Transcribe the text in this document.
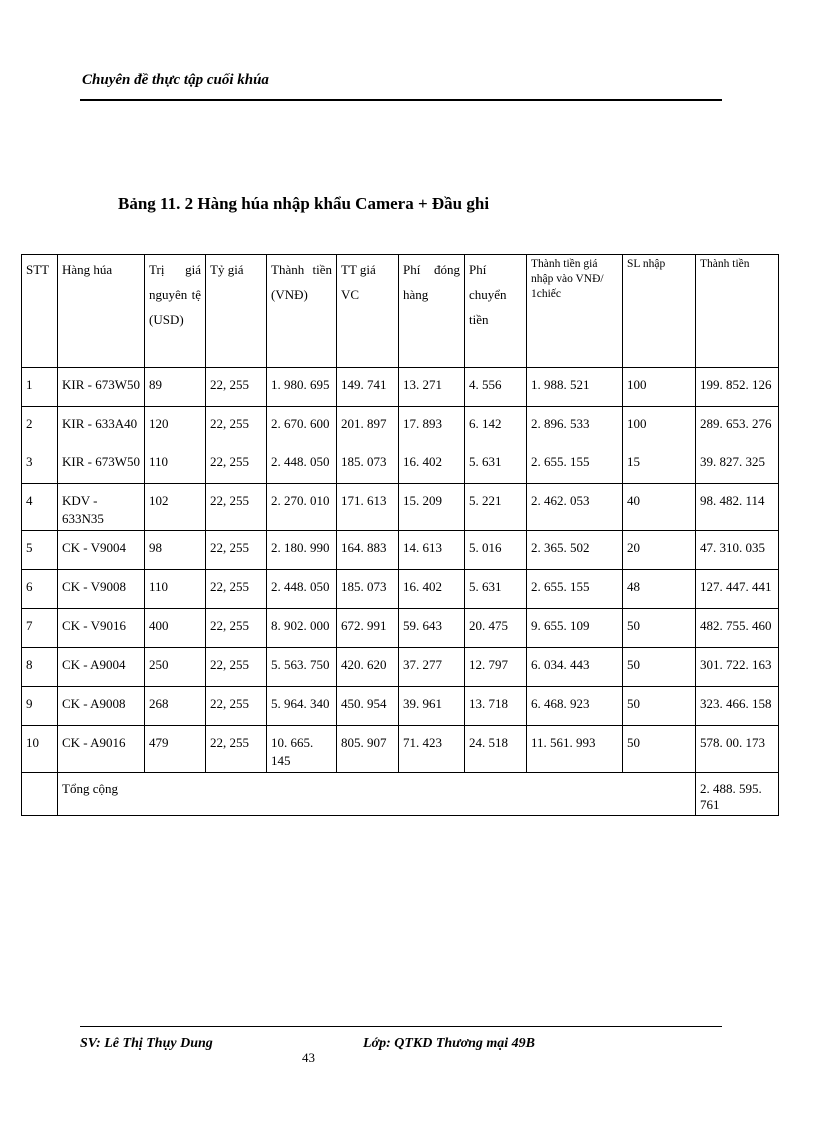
Chuyên đề thực tập cuối khúa
Bảng 11. 2 Hàng húa nhập khẩu Camera + Đầu ghi
STT	Hàng húa	Trị giá nguyên tệ (USD)	Tỷ giá	Thành tiền (VNĐ)	TT giá VC	Phí đóng hàng	Phí chuyển tiền	Thành tiền giá nhập vào VNĐ/ 1chiếc	SL nhập	Thành tiền
1	KIR - 673W50	89	22, 255	1. 980. 695	149. 741	13. 271	4. 556	1. 988. 521	100	199. 852. 126
2	KIR - 633A40	120	22, 255	2. 670. 600	201. 897	17. 893	6. 142	2. 896. 533	100	289. 653. 276
3	KIR - 673W50	110	22, 255	2. 448. 050	185. 073	16. 402	5. 631	2. 655. 155	15	39. 827. 325
4	KDV - 633N35	102	22, 255	2. 270. 010	171. 613	15. 209	5. 221	2. 462. 053	40	98. 482. 114
5	CK - V9004	98	22, 255	2. 180. 990	164. 883	14. 613	5. 016	2. 365. 502	20	47. 310. 035
6	CK - V9008	110	22, 255	2. 448. 050	185. 073	16. 402	5. 631	2. 655. 155	48	127. 447. 441
7	CK - V9016	400	22, 255	8. 902. 000	672. 991	59. 643	20. 475	9. 655. 109	50	482. 755. 460
8	CK - A9004	250	22, 255	5. 563. 750	420. 620	37. 277	12. 797	6. 034. 443	50	301. 722. 163
9	CK - A9008	268	22, 255	5. 964. 340	450. 954	39. 961	13. 718	6. 468. 923	50	323. 466. 158
10	CK - A9016	479	22, 255	10. 665. 145	805. 907	71. 423	24. 518	11. 561. 993	50	578. 00. 173
	Tổng cộng									2. 488. 595. 761
SV: Lê Thị Thụy Dung
43
Lớp: QTKD Thương mại 49B
